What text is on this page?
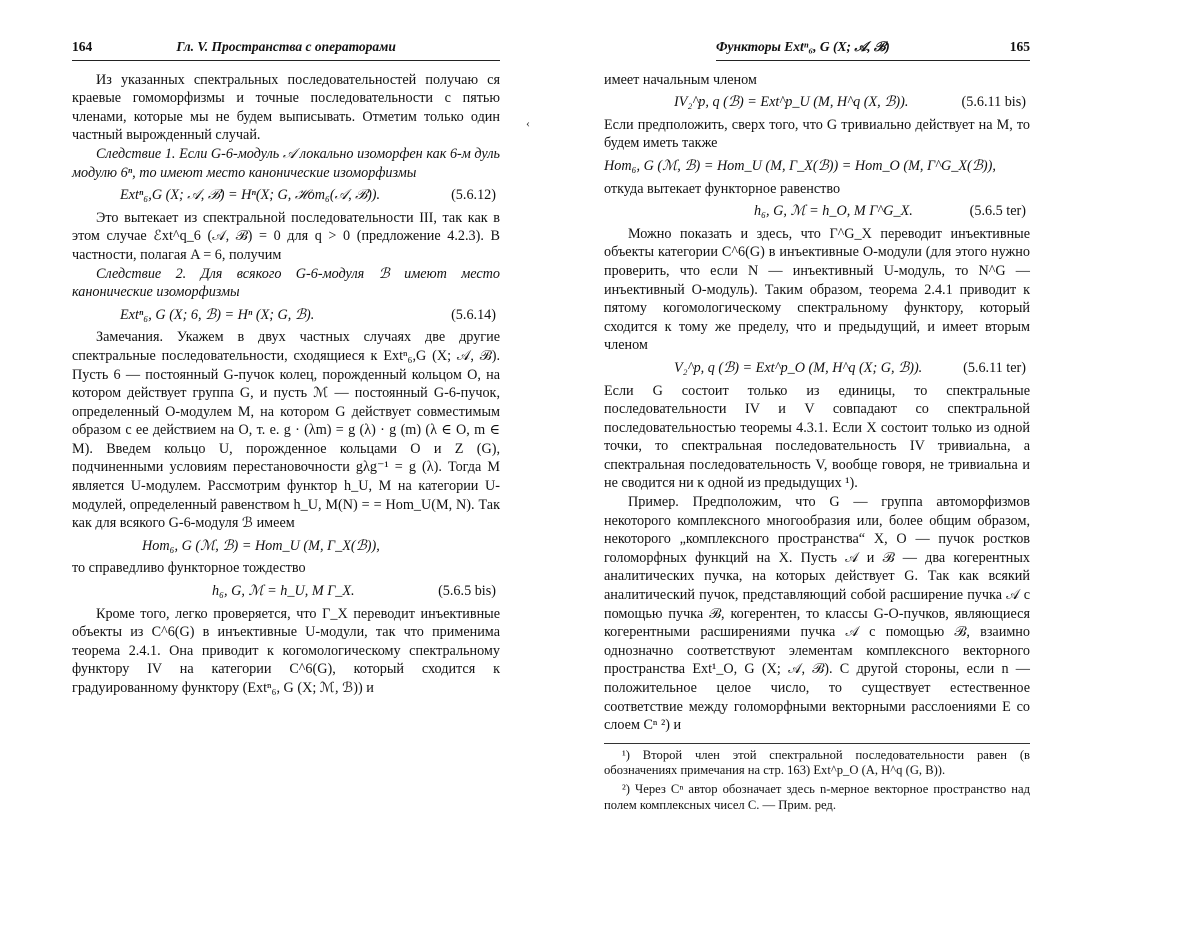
164	Гл. V. Пространства с операторами

Из указанных спектральных последовательностей получаю ся краевые гомоморфизмы и точные последовательности с пятью членами, которые мы не будем выписывать. Отметим только один частный вырожденный случай.

Следствие 1. Если G-6-модуль 𝒜 локально изоморфен как 6-м дуль модулю 6ⁿ, то имеют место канонические изоморфизмы

Extⁿ₆,G (X; 𝒜, ℬ) = Hⁿ(X; G, ℋom₆(𝒜, ℬ)).	(5.6.12)

Это вытекает из спектральной последовательности III, так как в этом случае ℰxt^q_6 (𝒜, ℬ) = 0 для q > 0 (предложение 4.2.3). В частности, полагая A = 6, получим

Следствие 2. Для всякого G-6-модуля ℬ имеют место канонические изоморфизмы

Extⁿ₆, G (X; 6, ℬ) = Hⁿ (X; G, ℬ).	(5.6.14)

Замечания. Укажем в двух частных случаях две другие спектральные последовательности, сходящиеся к Extⁿ₆,G (X; 𝒜, ℬ). Пусть 6 — постоянный G-пучок колец, порожденный кольцом O, на котором действует группа G, и пусть ℳ — постоянный G-6-пучок, определенный O-модулем M, на котором G действует совместимым образом с ее действием на O, т. е. g · (λm) = g (λ) · g (m) (λ ∈ O, m ∈ M). Введем кольцо U, порожденное кольцами O и Z (G), подчиненными условиям перестановочности gλg⁻¹ = g (λ). Тогда M является U-модулем. Рассмотрим функтор h_U, M на категории U-модулей, определенный равенством h_U, M(N) = = Hom_U(M, N). Так как для всякого G-6-модуля ℬ имеем

Hom₆, G (ℳ, ℬ) = Hom_U (M, Γ_X(ℬ)),

то справедливо функторное тождество

h₆, G, ℳ = h_U, M Γ_X.	(5.6.5 bis)

Кроме того, легко проверяется, что Γ_X переводит инъективные объекты из C^6(G) в инъективные U-модули, так что применима теорема 2.4.1. Она приводит к когомологическому спектральному функтору IV на категории C^6(G), который сходится к градуированному функтору (Extⁿ₆, G (X; ℳ, ℬ)) и

‹
Функторы Extⁿ₆, G (X; 𝒜, ℬ)	165

имеет начальным членом

IV₂^p, q (ℬ) = Ext^p_U (M, H^q (X, ℬ)).	(5.6.11 bis)

Если предположить, сверх того, что G тривиально действует на M, то будем иметь также

Hom₆, G (ℳ, ℬ) = Hom_U (M, Γ_X(ℬ)) = Hom_O (M, Γ^G_X(ℬ)),

откуда вытекает функторное равенство

h₆, G, ℳ = h_O, M Γ^G_X.	(5.6.5 ter)

Можно показать и здесь, что Γ^G_X переводит инъективные объекты категории C^6(G) в инъективные O-модули (для этого нужно проверить, что если N — инъективный U-модуль, то N^G — инъективный O-модуль). Таким образом, теорема 2.4.1 приводит к пятому когомологическому спектральному функтору, который сходится к тому же пределу, что и предыдущий, и имеет вторым членом

V₂^p, q (ℬ) = Ext^p_O (M, H^q (X; G, ℬ)).	(5.6.11 ter)

Если G состоит только из единицы, то спектральные последовательности IV и V совпадают со спектральной последовательностью теоремы 4.3.1. Если X состоит только из одной точки, то спектральная последовательность IV тривиальна, а спектральная последовательность V, вообще говоря, не тривиальна и не сводится ни к одной из предыдущих ¹).

Пример. Предположим, что G — группа автоморфизмов некоторого комплексного многообразия или, более общим образом, некоторого „комплексного пространства“ X, O — пучок ростков голоморфных функций на X. Пусть 𝒜 и ℬ — два когерентных аналитических пучка, на которых действует G. Так как всякий аналитический пучок, представляющий собой расширение пучка 𝒜 с помощью пучка ℬ, когерентен, то классы G-O-пучков, являющиеся когерентными расширениями пучка 𝒜 с помощью ℬ, взаимно однозначно соответствуют элементам комплексного векторного пространства Ext¹_O, G (X; 𝒜, ℬ). С другой стороны, если n — положительное целое число, то существует естественное соответствие между голоморфными векторными расслоениями E со слоем Cⁿ ²) и

¹) Второй член этой спектральной последовательности равен (в обозначениях примечания на стр. 163) Ext^p_O (A, H^q (G, B)).

²) Через Cⁿ автор обозначает здесь n-мерное векторное пространство над полем комплексных чисел C. — Прим. ред.
